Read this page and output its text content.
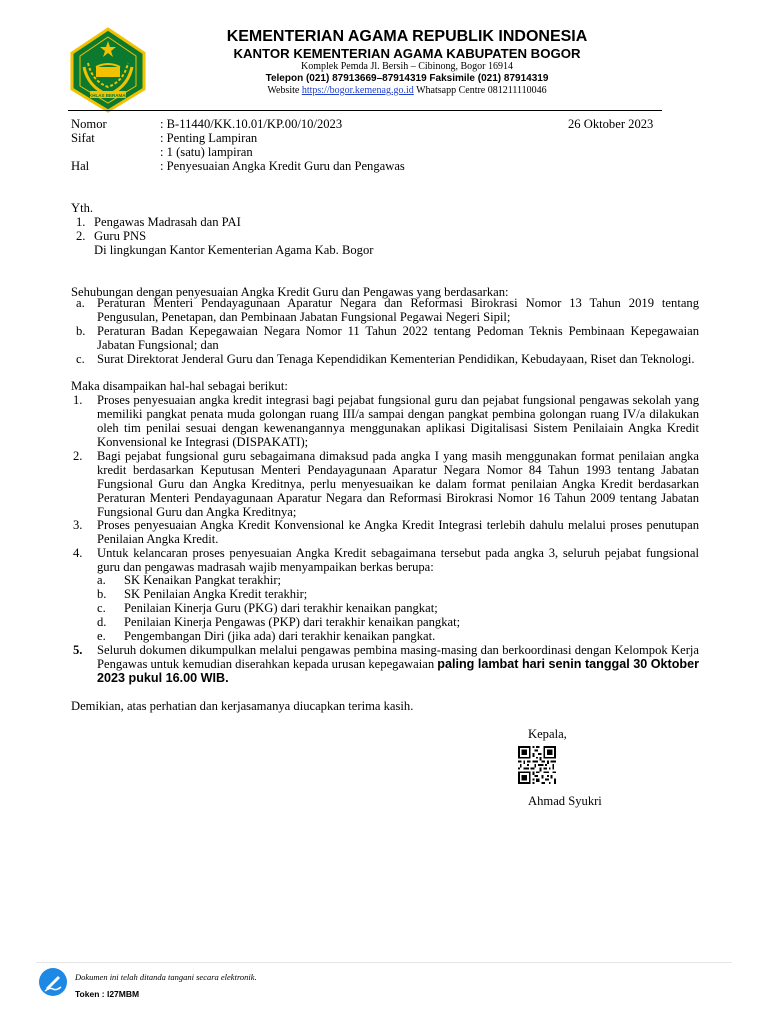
IKHLAS BERAMAL
KEMENTERIAN AGAMA REPUBLIK INDONESIA
KANTOR KEMENTERIAN AGAMA KABUPATEN BOGOR
Komplek Pemda Jl. Bersih – Cibinong, Bogor 16914
Telepon (021) 87913669–87914319 Faksimile (021) 87914319
Website https://bogor.kemenag.go.id Whatsapp Centre 081211110046
Nomor	: B-11440/KK.10.01/KP.00/10/2023	26 Oktober 2023
Sifat	: Penting Lampiran
: 1 (satu) lampiran
Hal	: Penyesuaian Angka Kredit Guru dan Pengawas
Yth.
1. Pengawas Madrasah dan PAI
2. Guru PNS
Di lingkungan Kantor Kementerian Agama Kab. Bogor
Sehubungan dengan penyesuaian Angka Kredit Guru dan Pengawas yang berdasarkan:
a. Peraturan Menteri Pendayagunaan Aparatur Negara dan Reformasi Birokrasi Nomor 13 Tahun 2019 tentang Pengusulan, Penetapan, dan Pembinaan Jabatan Fungsional Pegawai Negeri Sipil;
b. Peraturan Badan Kepegawaian Negara Nomor 11 Tahun 2022 tentang Pedoman Teknis Pembinaan Kepegawaian Jabatan Fungsional; dan
c. Surat Direktorat Jenderal Guru dan Tenaga Kependidikan Kementerian Pendidikan, Kebudayaan, Riset dan Teknologi.
Maka disampaikan hal-hal sebagai berikut:
1. Proses penyesuaian angka kredit integrasi bagi pejabat fungsional guru dan pejabat fungsional pengawas sekolah yang memiliki pangkat penata muda golongan ruang III/a sampai dengan pangkat pembina golongan ruang IV/a dilakukan oleh tim penilai sesuai dengan kewenangannya menggunakan aplikasi Digitalisasi Sistem Penilaiain Angka Kredit Konvensional ke Integrasi (DISPAKATI);
2. Bagi pejabat fungsional guru sebagaimana dimaksud pada angka I yang masih menggunakan format penilaian angka kredit berdasarkan Keputusan Menteri Pendayagunaan Aparatur Negara Nomor 84 Tahun 1993 tentang Jabatan Fungsional Guru dan Angka Kreditnya, perlu menyesuaikan ke dalam format penilaian Angka Kredit berdasarkan Peraturan Menteri Pendayagunaan Aparatur Negara dan Reformasi Birokrasi Nomor 16 Tahun 2009 tentang Jabatan Fungsional Guru dan Angka Kreditnya;
3. Proses penyesuaian Angka Kredit Konvensional ke Angka Kredit Integrasi terlebih dahulu melalui proses penutupan Penilaian Angka Kredit.
4. Untuk kelancaran proses penyesuaian Angka Kredit sebagaimana tersebut pada angka 3, seluruh pejabat fungsional guru dan pengawas madrasah wajib menyampaikan berkas berupa:
a. SK Kenaikan Pangkat terakhir;
b. SK Penilaian Angka Kredit terakhir;
c. Penilaian Kinerja Guru (PKG) dari terakhir kenaikan pangkat;
d. Penilaian Kinerja Pengawas (PKP) dari terakhir kenaikan pangkat;
e. Pengembangan Diri (jika ada) dari terakhir kenaikan pangkat.
5. Seluruh dokumen dikumpulkan melalui pengawas pembina masing-masing dan berkoordinasi dengan Kelompok Kerja Pengawas untuk kemudian diserahkan kepada urusan kepegawaian paling lambat hari senin tanggal 30 Oktober 2023 pukul 16.00 WIB.
Demikian, atas perhatian dan kerjasamanya diucapkan terima kasih.
Kepala,
Ahmad Syukri
Dokumen ini telah ditanda tangani secara elektronik.
Token : I27MBM
